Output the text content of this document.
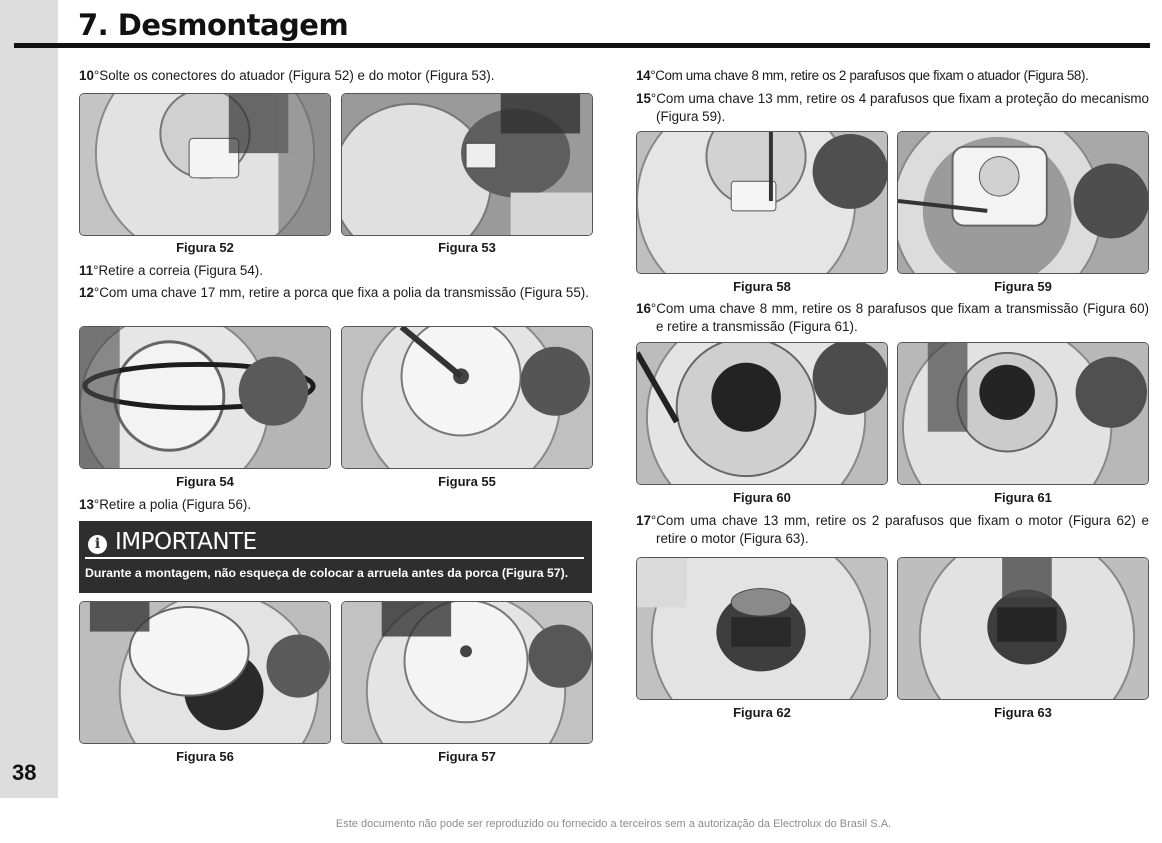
38
7. Desmontagem
10°Solte os conectores do atuador (Figura 52) e do motor (Figura 53).
Figura 52	Figura 53
11°Retire a correia (Figura 54).
12°Com uma chave 17 mm, retire a porca que fixa a polia da transmissão (Figura 55).
Figura 54	Figura 55
13°Retire a polia (Figura 56).
i IMPORTANTE
Durante a montagem, não esqueça de colocar a arruela antes da porca (Figura 57).
Figura 56	Figura 57
14°Com uma chave 8 mm, retire os 2 parafusos que fixam o atuador (Figura 58).
15°Com uma chave 13 mm, retire os 4 parafusos que fixam a proteção do mecanismo (Figura 59).
Figura 58	Figura 59
16°Com uma chave 8 mm, retire os 8 parafusos que fixam a transmissão (Figura 60) e retire a transmissão (Figura 61).
Figura 60	Figura 61
17°Com uma chave 13 mm, retire os 2 parafusos que fixam o motor (Figura 62) e retire o motor (Figura 63).
Figura 62	Figura 63
Este documento não pode ser reproduzido ou fornecido a terceiros sem a autorização da Electrolux do Brasil S.A.
